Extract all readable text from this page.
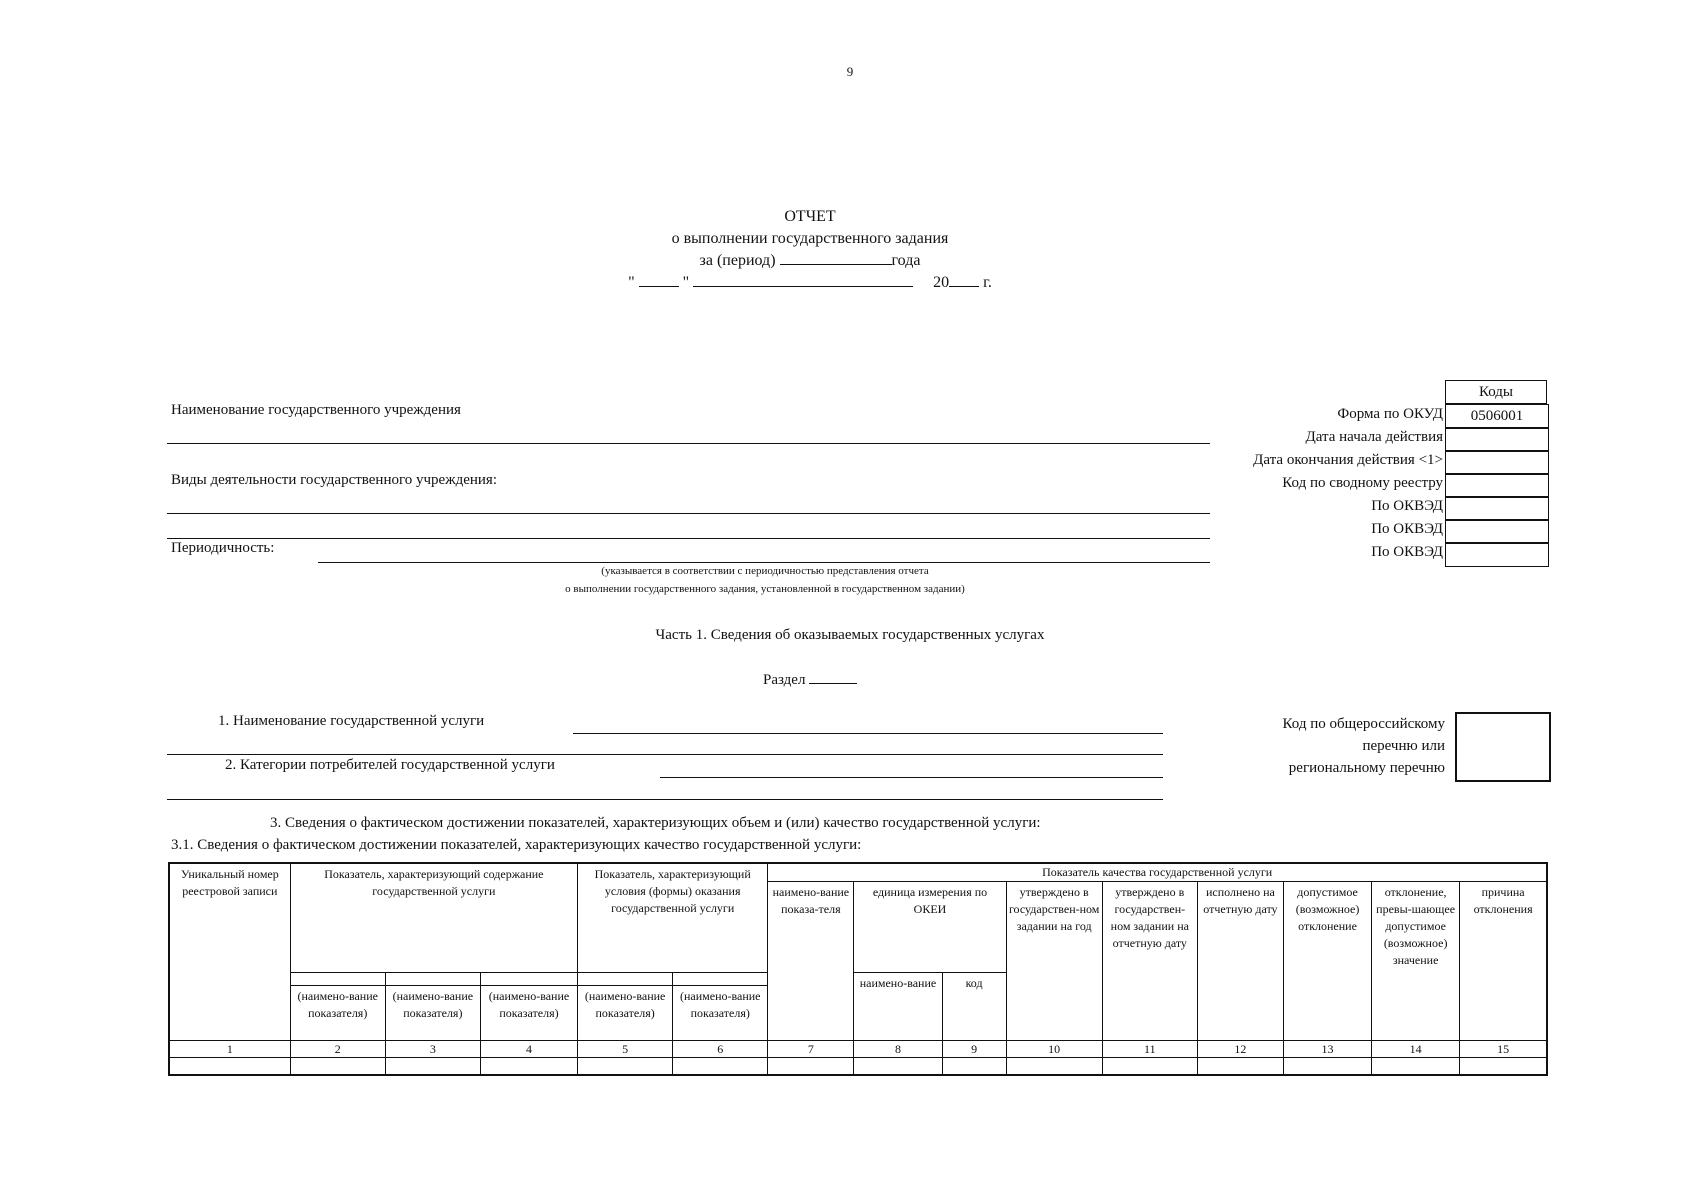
9
ОТЧЕТ
о выполнении государственного задания
за (период)	года
"	"	20 г.
Наименование государственного учреждения
Виды деятельности государственного учреждения:
Периодичность:
(указывается в соответствии с периодичностью представления отчета
о выполнении государственного задания, установленной в государственном задании)
Коды
Форма по ОКУД	0506001
Дата начала действия
Дата окончания действия <1>
Код по сводному реестру
По ОКВЭД
По ОКВЭД
По ОКВЭД
Часть 1. Сведения об оказываемых государственных услугах
Раздел
1. Наименование государственной услуги
2. Категории потребителей государственной услуги
Код по общероссийскому
перечню или
региональному перечню
3. Сведения о фактическом достижении показателей, характеризующих объем и (или) качество государственной услуги:
3.1. Сведения о фактическом достижении показателей, характеризующих качество государственной услуги:
Уникальный номер реестровой записи	Показатель, характеризующий содержание государственной услуги			Показатель, характеризующий условия (формы) оказания государственной услуги		Показатель качества государственной услуги								
						наимено-вание показа-теля	единица измерения по ОКЕИ		утверждено в государствен-ном задании на год	утверждено в государствен-ном задании на отчетную дату	исполнено на отчетную дату	допустимое (возможное) отклонение	отклонение, превы-шающее допустимое (возможное) значение	причина отклонения
							наимено-вание	код						
	(наимено-вание показателя)	(наимено-вание показателя)	(наимено-вание показателя)	(наимено-вание показателя)	(наимено-вание показателя)									
1	2	3	4	5	6	7	8	9	10	11	12	13	14	15
